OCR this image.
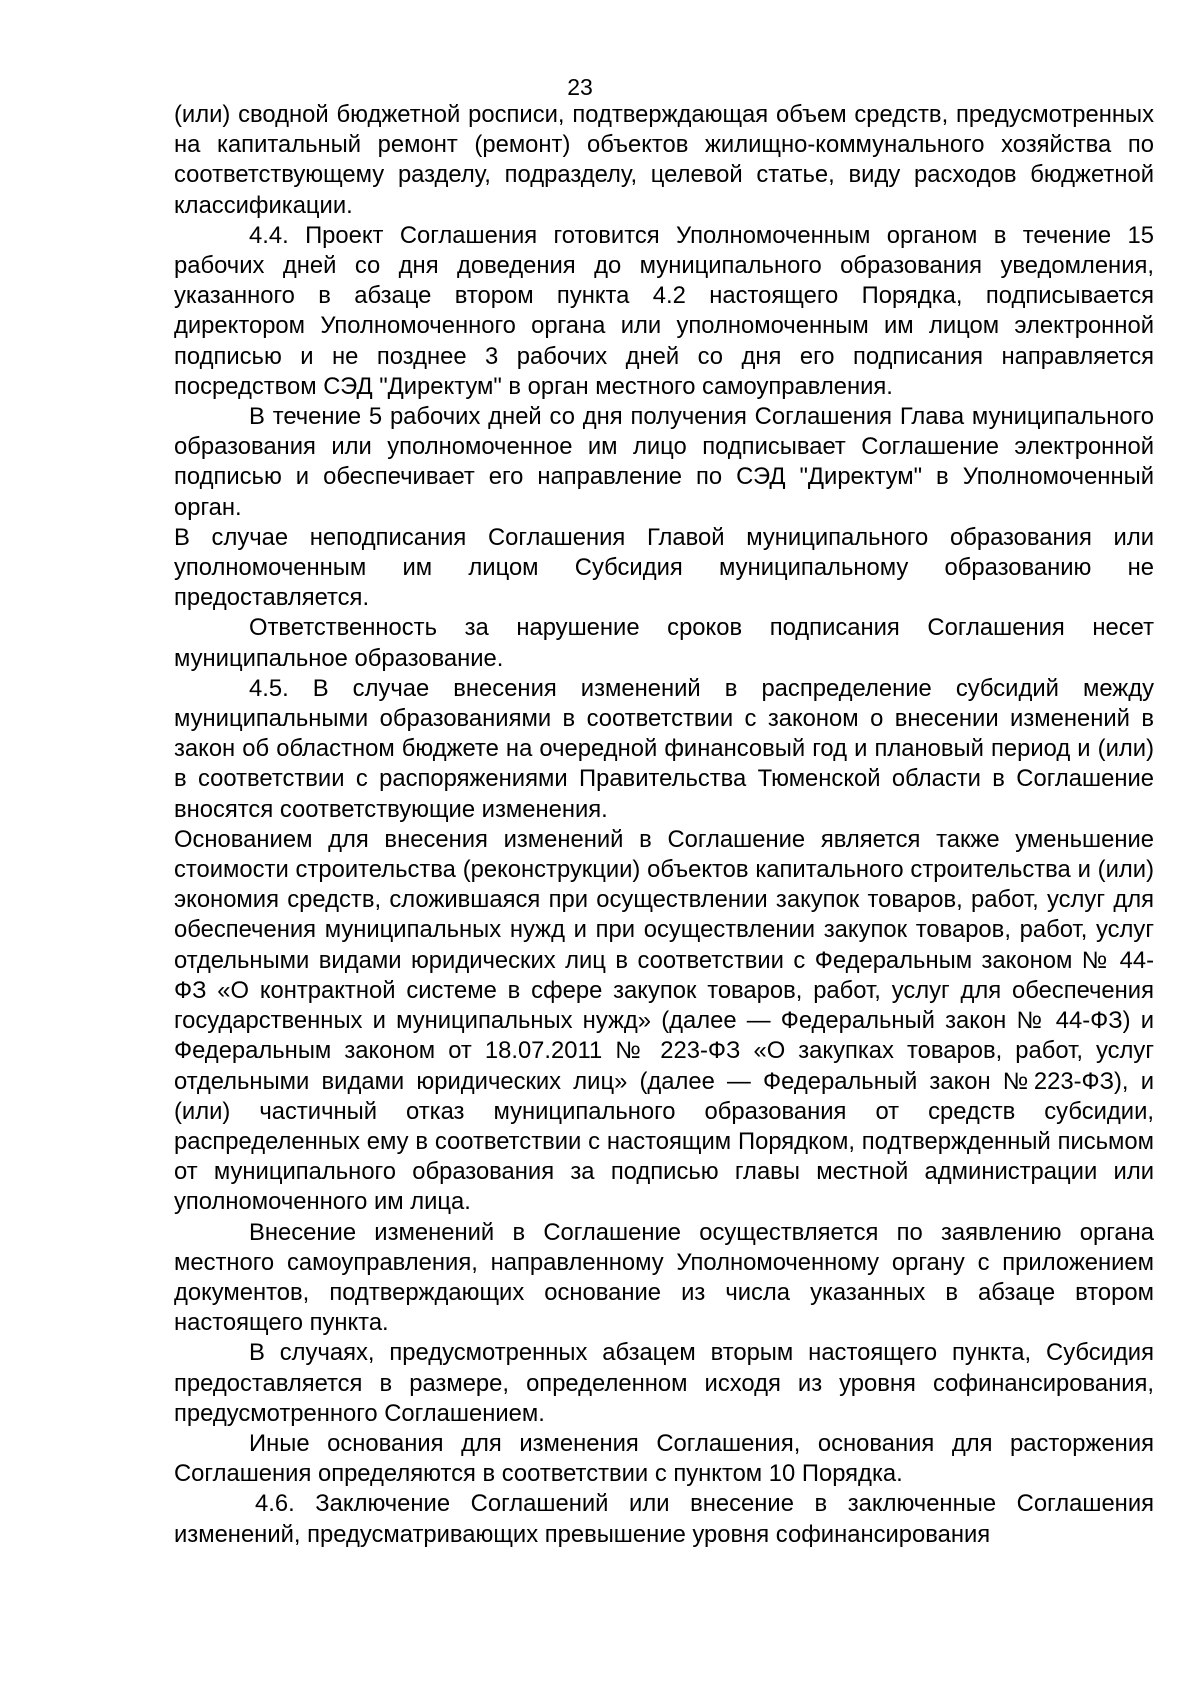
23

(или) сводной бюджетной росписи, подтверждающая объем средств, предусмотренных на капитальный ремонт (ремонт) объектов жилищно-коммунального хозяйства по соответствующему разделу, подразделу, целевой статье, виду расходов бюджетной классификации.

4.4. Проект Соглашения готовится Уполномоченным органом в течение 15 рабочих дней со дня доведения до муниципального образования уведомления, указанного в абзаце втором пункта 4.2 настоящего Порядка, подписывается директором Уполномоченного органа или уполномоченным им лицом электронной подписью и не позднее 3 рабочих дней со дня его подписания направляется посредством СЭД "Директум" в орган местного самоуправления.

В течение 5 рабочих дней со дня получения Соглашения Глава муниципального образования или уполномоченное им лицо подписывает Соглашение электронной подписью и обеспечивает его направление по СЭД "Директум" в Уполномоченный орган.

В случае неподписания Соглашения Главой муниципального образования или уполномоченным им лицом Субсидия муниципальному образованию не предоставляется.

Ответственность за нарушение сроков подписания Соглашения несет муниципальное образование.

4.5. В случае внесения изменений в распределение субсидий между муниципальными образованиями в соответствии с законом о внесении изменений в закон об областном бюджете на очередной финансовый год и плановый период и (или) в соответствии с распоряжениями Правительства Тюменской области в Соглашение вносятся соответствующие изменения.

Основанием для внесения изменений в Соглашение является также уменьшение стоимости строительства (реконструкции) объектов капитального строительства и (или) экономия средств, сложившаяся при осуществлении закупок товаров, работ, услуг для обеспечения муниципальных нужд и при осуществлении закупок товаров, работ, услуг отдельными видами юридических лиц в соответствии с Федеральным законом № 44-ФЗ «О контрактной системе в сфере закупок товаров, работ, услуг для обеспечения государственных и муниципальных нужд» (далее — Федеральный закон № 44-ФЗ) и Федеральным законом от 18.07.2011 № 223-ФЗ «О закупках товаров, работ, услуг отдельными видами юридических лиц» (далее — Федеральный закон №223-ФЗ), и (или) частичный отказ муниципального образования от средств субсидии, распределенных ему в соответствии с настоящим Порядком, подтвержденный письмом от муниципального образования за подписью главы местной администрации или уполномоченного им лица.

Внесение изменений в Соглашение осуществляется по заявлению органа местного самоуправления, направленному Уполномоченному органу с приложением документов, подтверждающих основание из числа указанных в абзаце втором настоящего пункта.

В случаях, предусмотренных абзацем вторым настоящего пункта, Субсидия предоставляется в размере, определенном исходя из уровня софинансирования, предусмотренного Соглашением.

Иные основания для изменения Соглашения, основания для расторжения Соглашения определяются в соответствии с пунктом 10 Порядка.

4.6. Заключение Соглашений или внесение в заключенные Соглашения изменений, предусматривающих превышение уровня софинансирования
